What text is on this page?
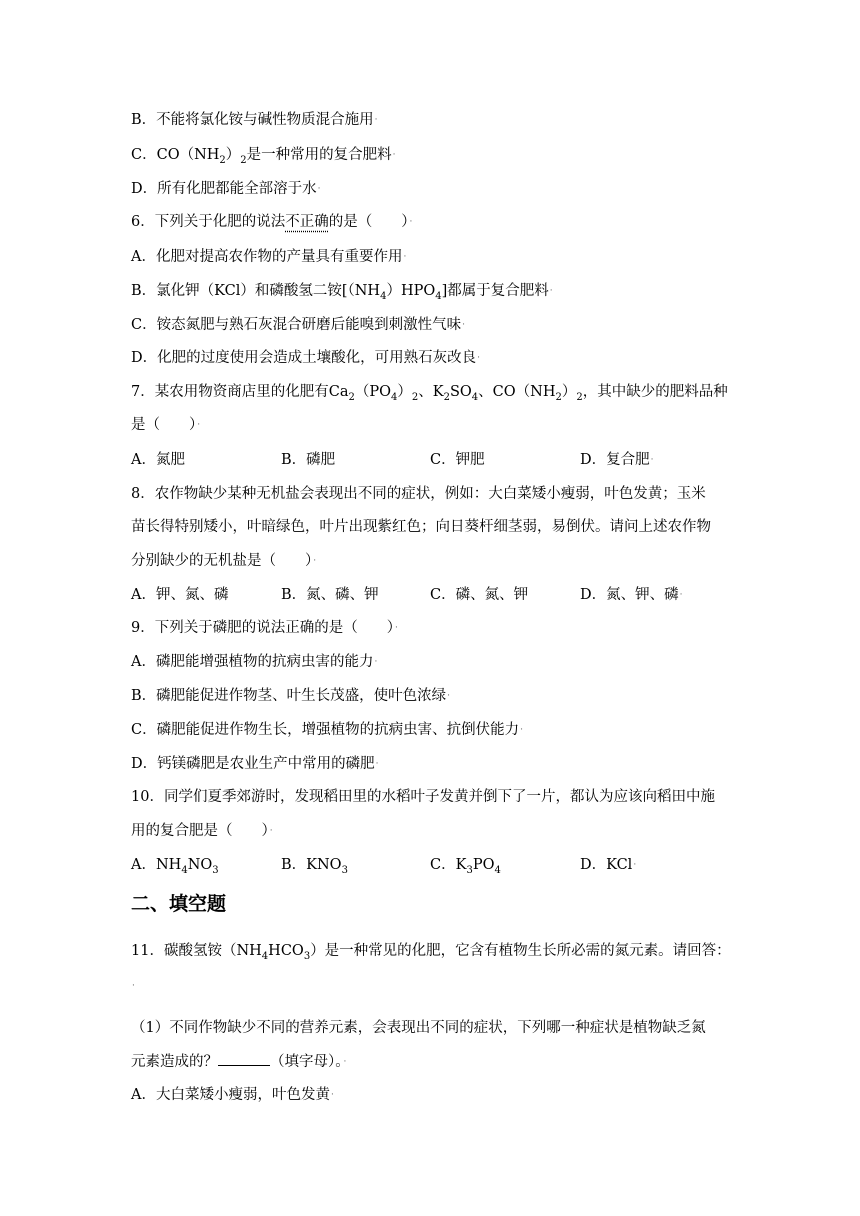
B．不能将氯化铵与碱性物质混合施用·
C．$CO(NH_2)_2$是一种常用的复合肥料·
D．所有化肥都能全部溶于水·
6．下列关于化肥的说法不正确的是（　　）·
A．化肥对提高农作物的产量具有重要作用·
B．氯化钾（KCl）和磷酸氢二铵$[(NH_4)HPO_4]$都属于复合肥料·
C．铵态氮肥与熟石灰混合研磨后能嗅到刺激性气味·
D．化肥的过度使用会造成土壤酸化，可用熟石灰改良·
7．某农用物资商店里的化肥有$Ca_2(PO_4)_2$、$K_2SO_4$、$CO(NH_2)_2$，其中缺少的肥料品种
是（　　）·
A．氮肥	B．磷肥	C．钾肥	D．复合肥·
8．农作物缺少某种无机盐会表现出不同的症状，例如：大白菜矮小瘦弱，叶色发黄；玉米
苗长得特别矮小，叶暗绿色，叶片出现紫红色；向日葵杆细茎弱，易倒伏。请问上述农作物
分别缺少的无机盐是（　　）·
A．钾、氮、磷	B．氮、磷、钾	C．磷、氮、钾	D．氮、钾、磷·
9．下列关于磷肥的说法正确的是（　　）·
A．磷肥能增强植物的抗病虫害的能力·
B．磷肥能促进作物茎、叶生长茂盛，使叶色浓绿·
C．磷肥能促进作物生长，增强植物的抗病虫害、抗倒伏能力·
D．钙镁磷肥是农业生产中常用的磷肥·
10．同学们夏季郊游时，发现稻田里的水稻叶子发黄并倒下了一片，都认为应该向稻田中施
用的复合肥是（　　）·
A．$NH_4NO_3$	B．$KNO_3$	C．$K_3PO_4$	D．KCl·
二、填空题
11．碳酸氢铵$(NH_4HCO_3)$是一种常见的化肥，它含有植物生长所必需的氮元素。请回答：
·
（1）不同作物缺少不同的营养元素，会表现出不同的症状，下列哪一种症状是植物缺乏氮
元素造成的？	（填字母）。·
A．大白菜矮小瘦弱，叶色发黄·
